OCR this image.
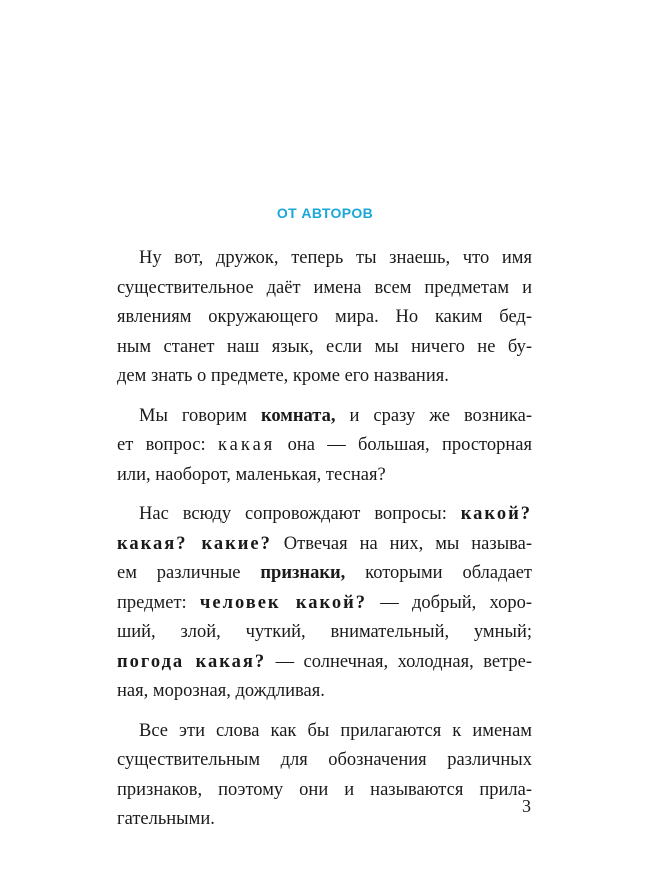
ОТ АВТОРОВ

Ну вот, дружок, теперь ты знаешь, что имя
существительное даёт имена всем предметам и
явлениям окружающего мира. Но каким бед-
ным станет наш язык, если мы ничего не бу-
дем знать о предмете, кроме его названия.

Мы говорим комната, и сразу же возника-
ет вопрос: какая она — большая, просторная
или, наоборот, маленькая, тесная?

Нас всюду сопровождают вопросы: какой?
какая? какие? Отвечая на них, мы называ-
ем различные признаки, которыми обладает
предмет: человек какой? — добрый, хоро-
ший, злой, чуткий, внимательный, умный;
погода какая? — солнечная, холодная, ветре-
ная, морозная, дождливая.

Все эти слова как бы прилагаются к именам
существительным для обозначения различных
признаков, поэтому они и называются прила-
гательными.

3
